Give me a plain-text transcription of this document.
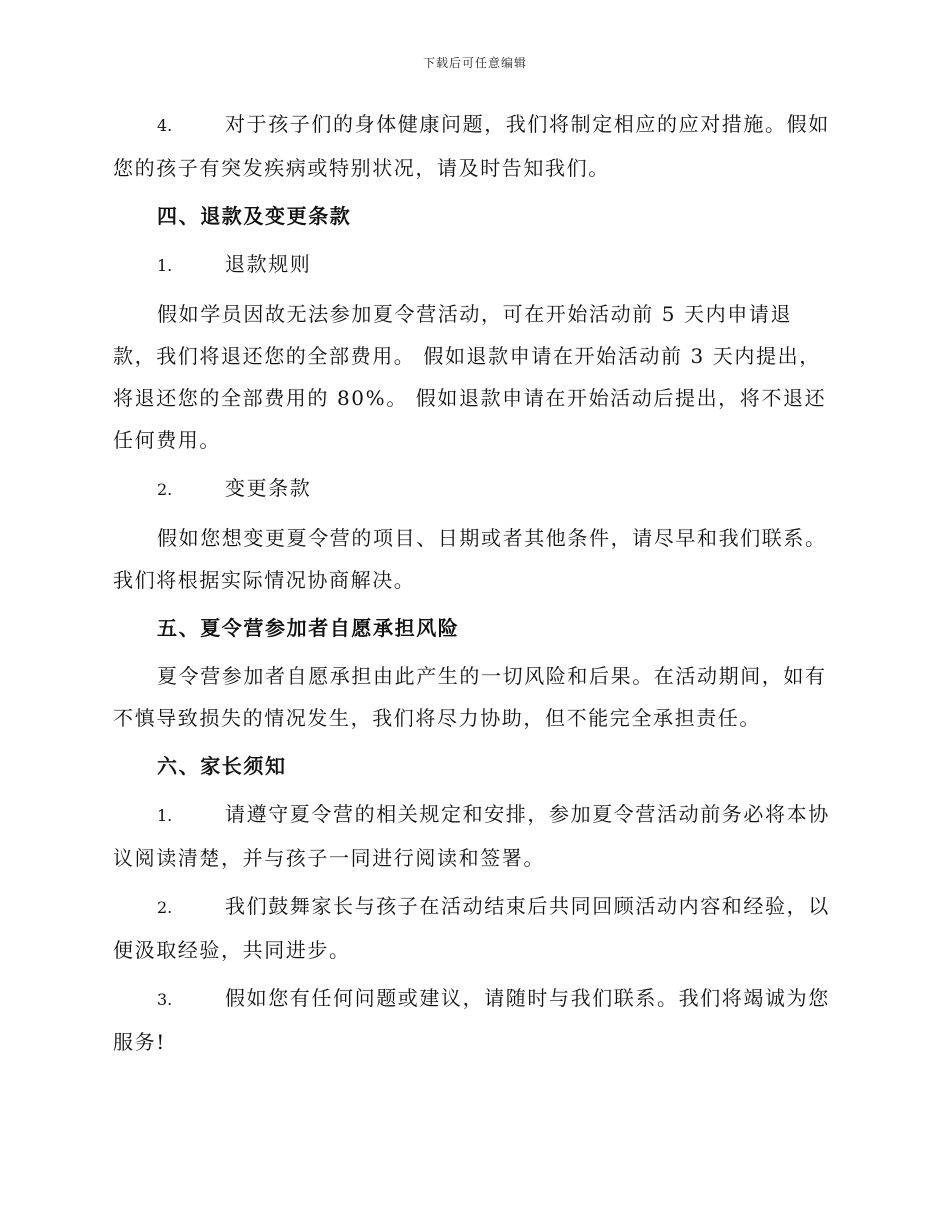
下载后可任意编辑
4.	对于孩子们的身体健康问题，我们将制定相应的应对措施。假如您的孩子有突发疾病或特别状况，请及时告知我们。
四、退款及变更条款
1.	退款规则
假如学员因故无法参加夏令营活动，可在开始活动前 5 天内申请退款，我们将退还您的全部费用。 假如退款申请在开始活动前 3 天内提出，将退还您的全部费用的 80%。 假如退款申请在开始活动后提出，将不退还任何费用。
2.	变更条款
假如您想变更夏令营的项目、日期或者其他条件，请尽早和我们联系。我们将根据实际情况协商解决。
五、夏令营参加者自愿承担风险
夏令营参加者自愿承担由此产生的一切风险和后果。在活动期间，如有不慎导致损失的情况发生，我们将尽力协助，但不能完全承担责任。
六、家长须知
1.	请遵守夏令营的相关规定和安排，参加夏令营活动前务必将本协议阅读清楚，并与孩子一同进行阅读和签署。
2.	我们鼓舞家长与孩子在活动结束后共同回顾活动内容和经验，以便汲取经验，共同进步。
3.	假如您有任何问题或建议，请随时与我们联系。我们将竭诚为您服务!
